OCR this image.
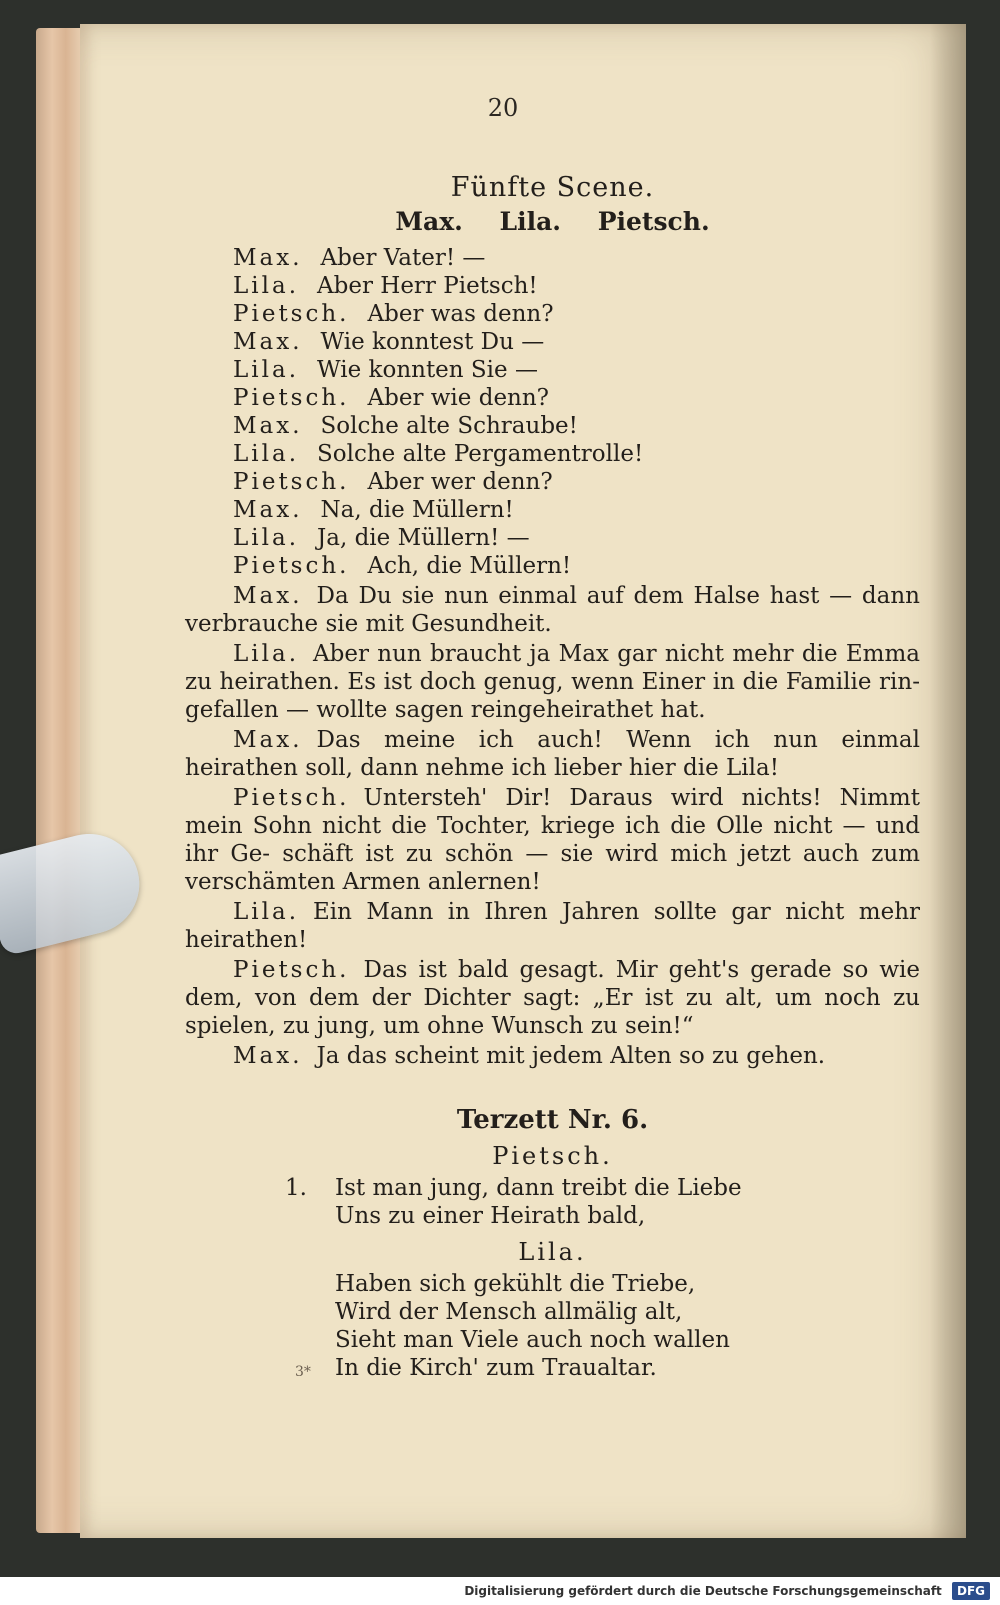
20
Fünfte Scene.
Max. Lila. Pietsch.

Max. Aber Vater! —

Lila. Aber Herr Pietsch!

Pietsch. Aber was denn?

Max. Wie konntest Du —

Lila. Wie konnten Sie —

Pietsch. Aber wie denn?

Max. Solche alte Schraube!

Lila. Solche alte Pergamentrolle!

Pietsch. Aber wer denn?

Max. Na, die Müllern!

Lila. Ja, die Müllern! —

Pietsch. Ach, die Müllern!

Max. Da Du sie nun einmal auf dem Halse hast — dann verbrauche sie mit Gesundheit.

Lila. Aber nun braucht ja Max gar nicht mehr die Emma zu heirathen. Es ist doch genug, wenn Einer in die Familie rin- gefallen — wollte sagen reingeheirathet hat.

Max. Das meine ich auch! Wenn ich nun einmal heirathen soll, dann nehme ich lieber hier die Lila!

Pietsch. Untersteh' Dir! Daraus wird nichts! Nimmt mein Sohn nicht die Tochter, kriege ich die Olle nicht — und ihr Ge- schäft ist zu schön — sie wird mich jetzt auch zum verschämten Armen anlernen!

Lila. Ein Mann in Ihren Jahren sollte gar nicht mehr heirathen!

Pietsch. Das ist bald gesagt. Mir geht's gerade so wie dem, von dem der Dichter sagt: „Er ist zu alt, um noch zu spielen, zu jung, um ohne Wunsch zu sein!“

Max. Ja das scheint mit jedem Alten so zu gehen.

Terzett Nr. 6.
Pietsch.
1. Ist man jung, dann treibt die Liebe
Uns zu einer Heirath bald,
Lila.
Haben sich gekühlt die Triebe,
Wird der Mensch allmälig alt,
Sieht man Viele auch noch wallen
In die Kirch' zum Traualtar.
3*
Digitalisierung gefördert durch die Deutsche Forschungsgemeinschaft DFG
